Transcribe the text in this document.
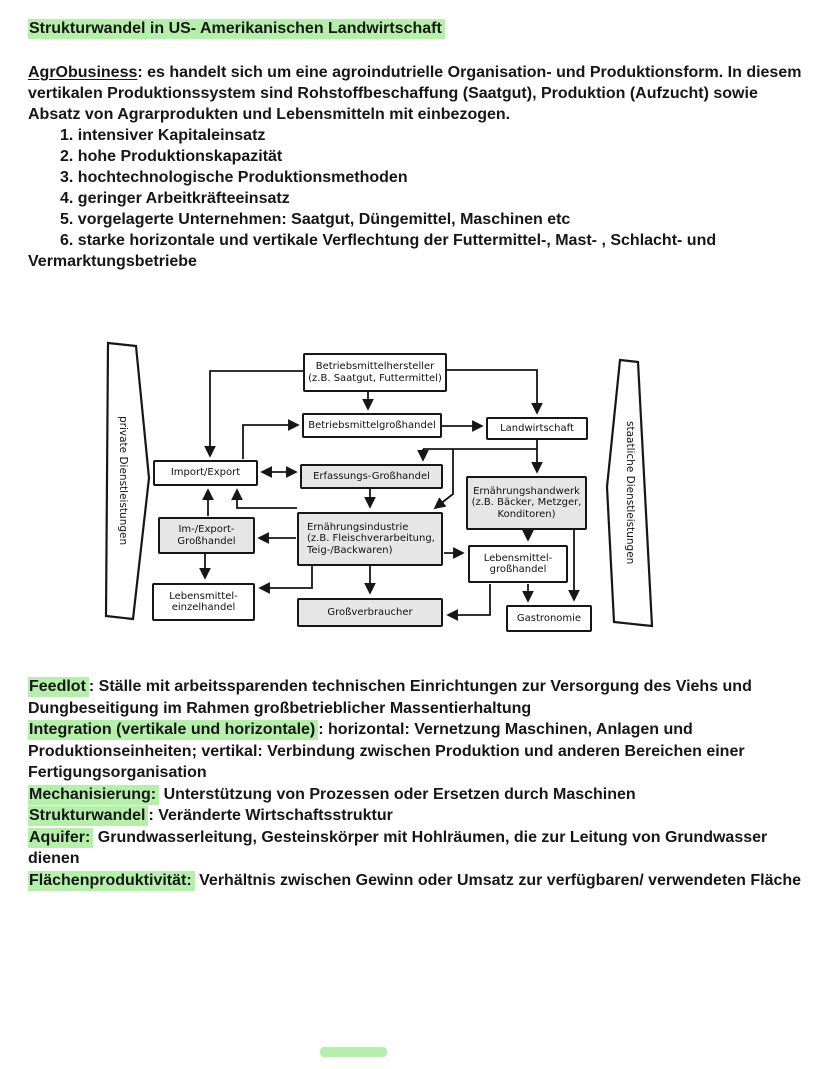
Strukturwandel in US- Amerikanischen Landwirtschaft

AgrObusiness: es handelt sich um eine agroindutrielle Organisation- und Produktionsform. In diesem vertikalen Produktionssystem sind Rohstoffbeschaffung (Saatgut), Produktion (Aufzucht) sowie Absatz von Agrarprodukten und Lebensmitteln mit einbezogen.

1. intensiver Kapitaleinsatz
2. hohe Produktionskapazität
3. hochtechnologische Produktionsmethoden
4. geringer Arbeitkräfteeinsatz
5. vorgelagerte Unternehmen: Saatgut, Düngemittel, Maschinen etc
6. starke horizontale und vertikale Verflechtung der Futtermittel-, Mast- , Schlacht- und Vermarktungsbetriebe
private Dienstleistungen	staatliche Dienstleistungen
Betriebsmittelhersteller
(z.B. Saatgut, Futtermittel)
Betriebsmittelgroßhandel	Landwirtschaft
Import/Export	Erfassungs-Großhandel
Ernährungshandwerk
(z.B. Bäcker, Metzger,
Konditoren)
Im-/Export-
Großhandel
Ernährungsindustrie
(z.B. Fleischverarbeitung,
Teig-/Backwaren)
Lebensmittel-
großhandel
Lebensmittel-
einzelhandel	Großverbraucher
Gastronomie
Feedlot : Ställe mit arbeitssparenden technischen Einrichtungen zur Versorgung des Viehs und Dungbeseitigung im Rahmen großbetrieblicher Massentierhaltung
Integration (vertikale und horizontale) : horizontal: Vernetzung Maschinen, Anlagen und Produktionseinheiten; vertikal: Verbindung zwischen Produktion und anderen Bereichen einer Fertigungsorganisation
Mechanisierung: Unterstützung von Prozessen oder Ersetzen durch Maschinen
Strukturwandel : Veränderte Wirtschaftsstruktur
Aquifer: Grundwasserleitung, Gesteinskörper mit Hohlräumen, die zur Leitung von Grundwasser dienen
Flächenproduktivität: Verhältnis zwischen Gewinn oder Umsatz zur verfügbaren/ verwendeten Fläche
